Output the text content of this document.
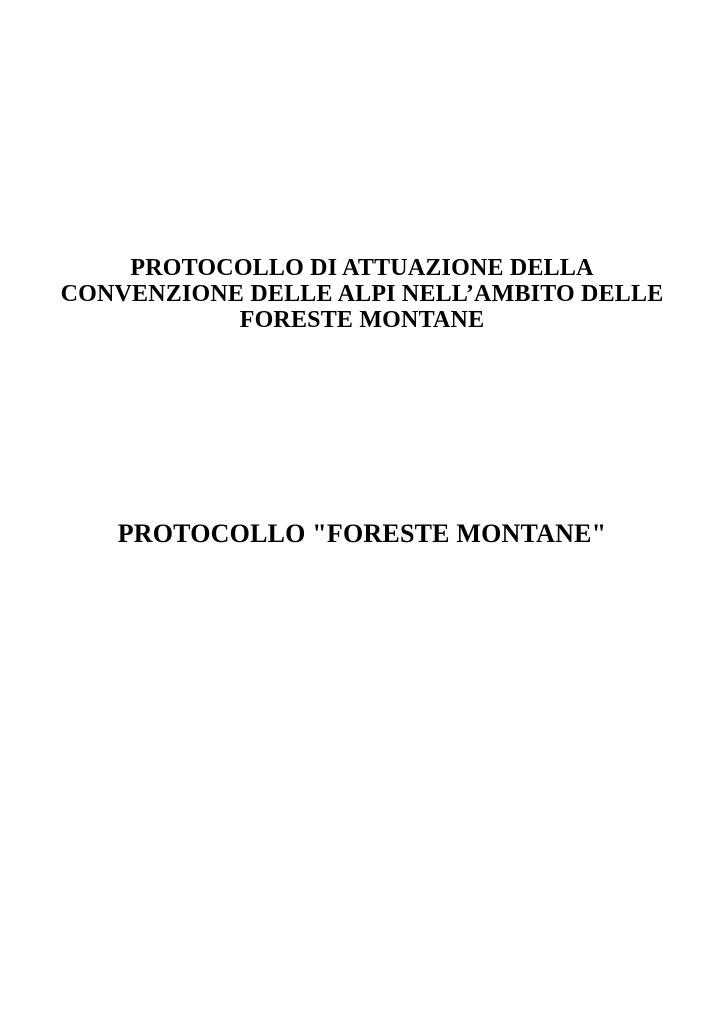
PROTOCOLLO DI ATTUAZIONE DELLA
CONVENZIONE DELLE ALPI NELL’AMBITO DELLE
FORESTE MONTANE
PROTOCOLLO "FORESTE MONTANE"
